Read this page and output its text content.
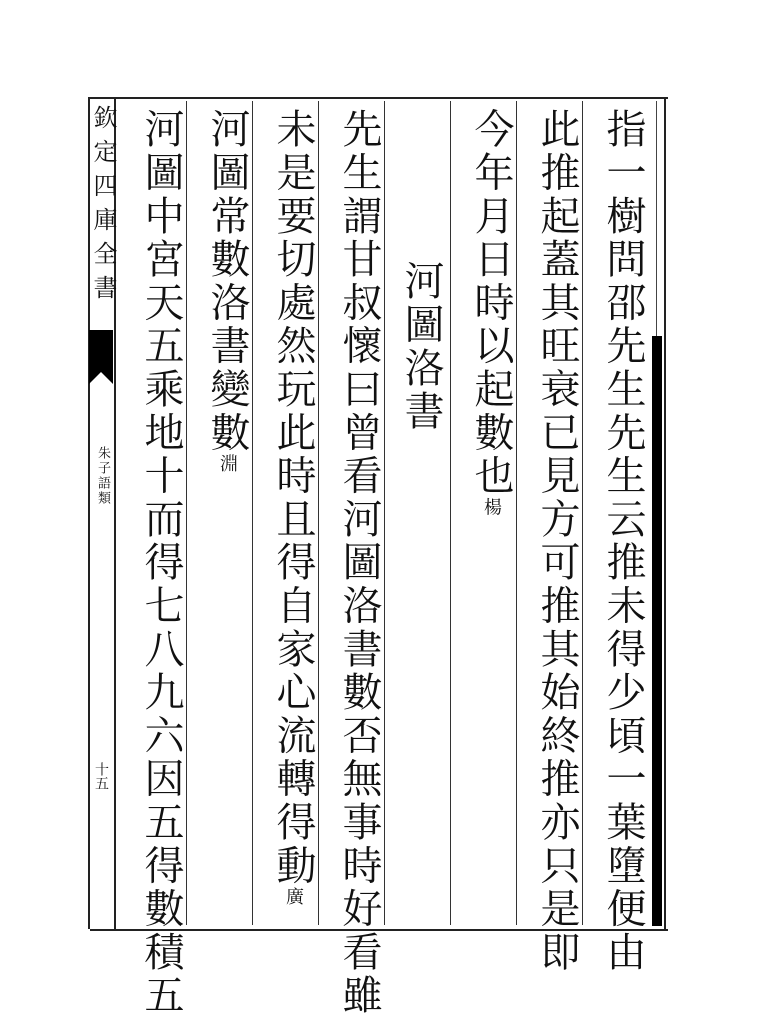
欽定四庫全書
朱子語類
十五	指一樹問邵先生先生云推未得少頃一葉墮便由
此推起蓋其旺衰已見方可推其始終推亦只是即
今年月日時以起數也楊
河圖洛書
先生謂甘叔懷曰曾看河圖洛書數否無事時好看雖
未是要切處然玩此時且得自家心流轉得動廣
河圖常數洛書變數淵
河圖中宮天五乘地十而得七八九六因五得數積五
